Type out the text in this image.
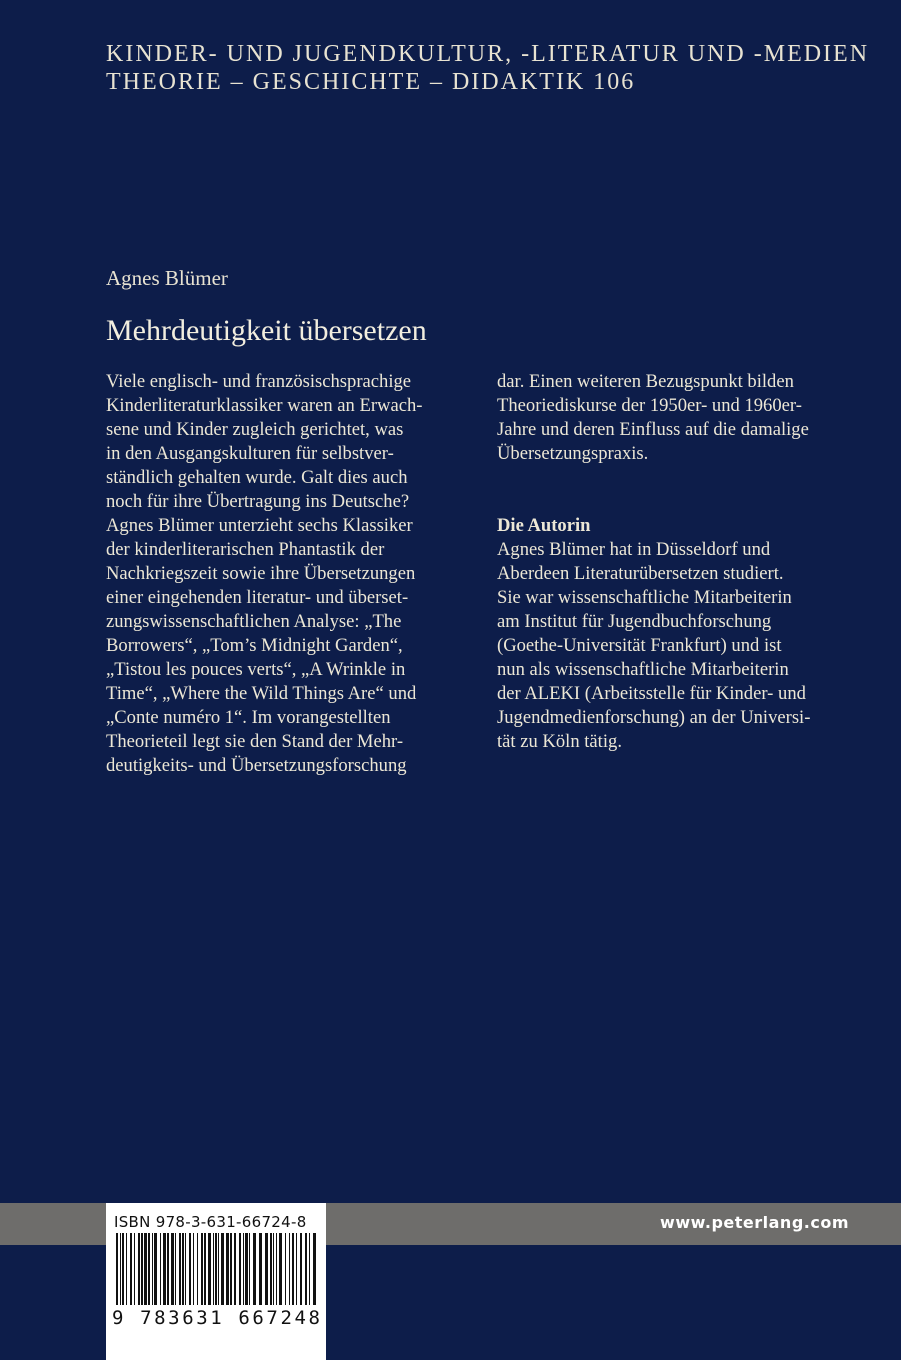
KINDER- UND JUGENDKULTUR, -LITERATUR UND -MEDIEN
THEORIE – GESCHICHTE – DIDAKTIK 106
Agnes Blümer
Mehrdeutigkeit übersetzen

Viele englisch- und französischsprachige
Kinderliteraturklassiker waren an Erwach-
sene und Kinder zugleich gerichtet, was
in den Ausgangskulturen für selbstver-
ständlich gehalten wurde. Galt dies auch
noch für ihre Übertragung ins Deutsche?
Agnes Blümer unterzieht sechs Klassiker
der kinderliterarischen Phantastik der
Nachkriegszeit sowie ihre Übersetzungen
einer eingehenden literatur- und überset-
zungswissenschaftlichen Analyse: „The
Borrowers“, „Tom’s Midnight Garden“,
„Tistou les pouces verts“, „A Wrinkle in
Time“, „Where the Wild Things Are“ und
„Conte numéro 1“. Im vorangestellten
Theorieteil legt sie den Stand der Mehr-
deutigkeits- und Übersetzungsforschung

dar. Einen weiteren Bezugspunkt bilden
Theoriediskurse der 1950er- und 1960er-
Jahre und deren Einfluss auf die damalige
Übersetzungspraxis.

Die Autorin

Agnes Blümer hat in Düsseldorf und
Aberdeen Literaturübersetzen studiert.
Sie war wissenschaftliche Mitarbeiterin
am Institut für Jugendbuchforschung
(Goethe-Universität Frankfurt) und ist
nun als wissenschaftliche Mitarbeiterin
der ALEKI (Arbeitsstelle für Kinder- und
Jugendmedienforschung) an der Universi-
tät zu Köln tätig.

www.peterlang.com
ISBN 978-3-631-66724-8
9 783631 667248
